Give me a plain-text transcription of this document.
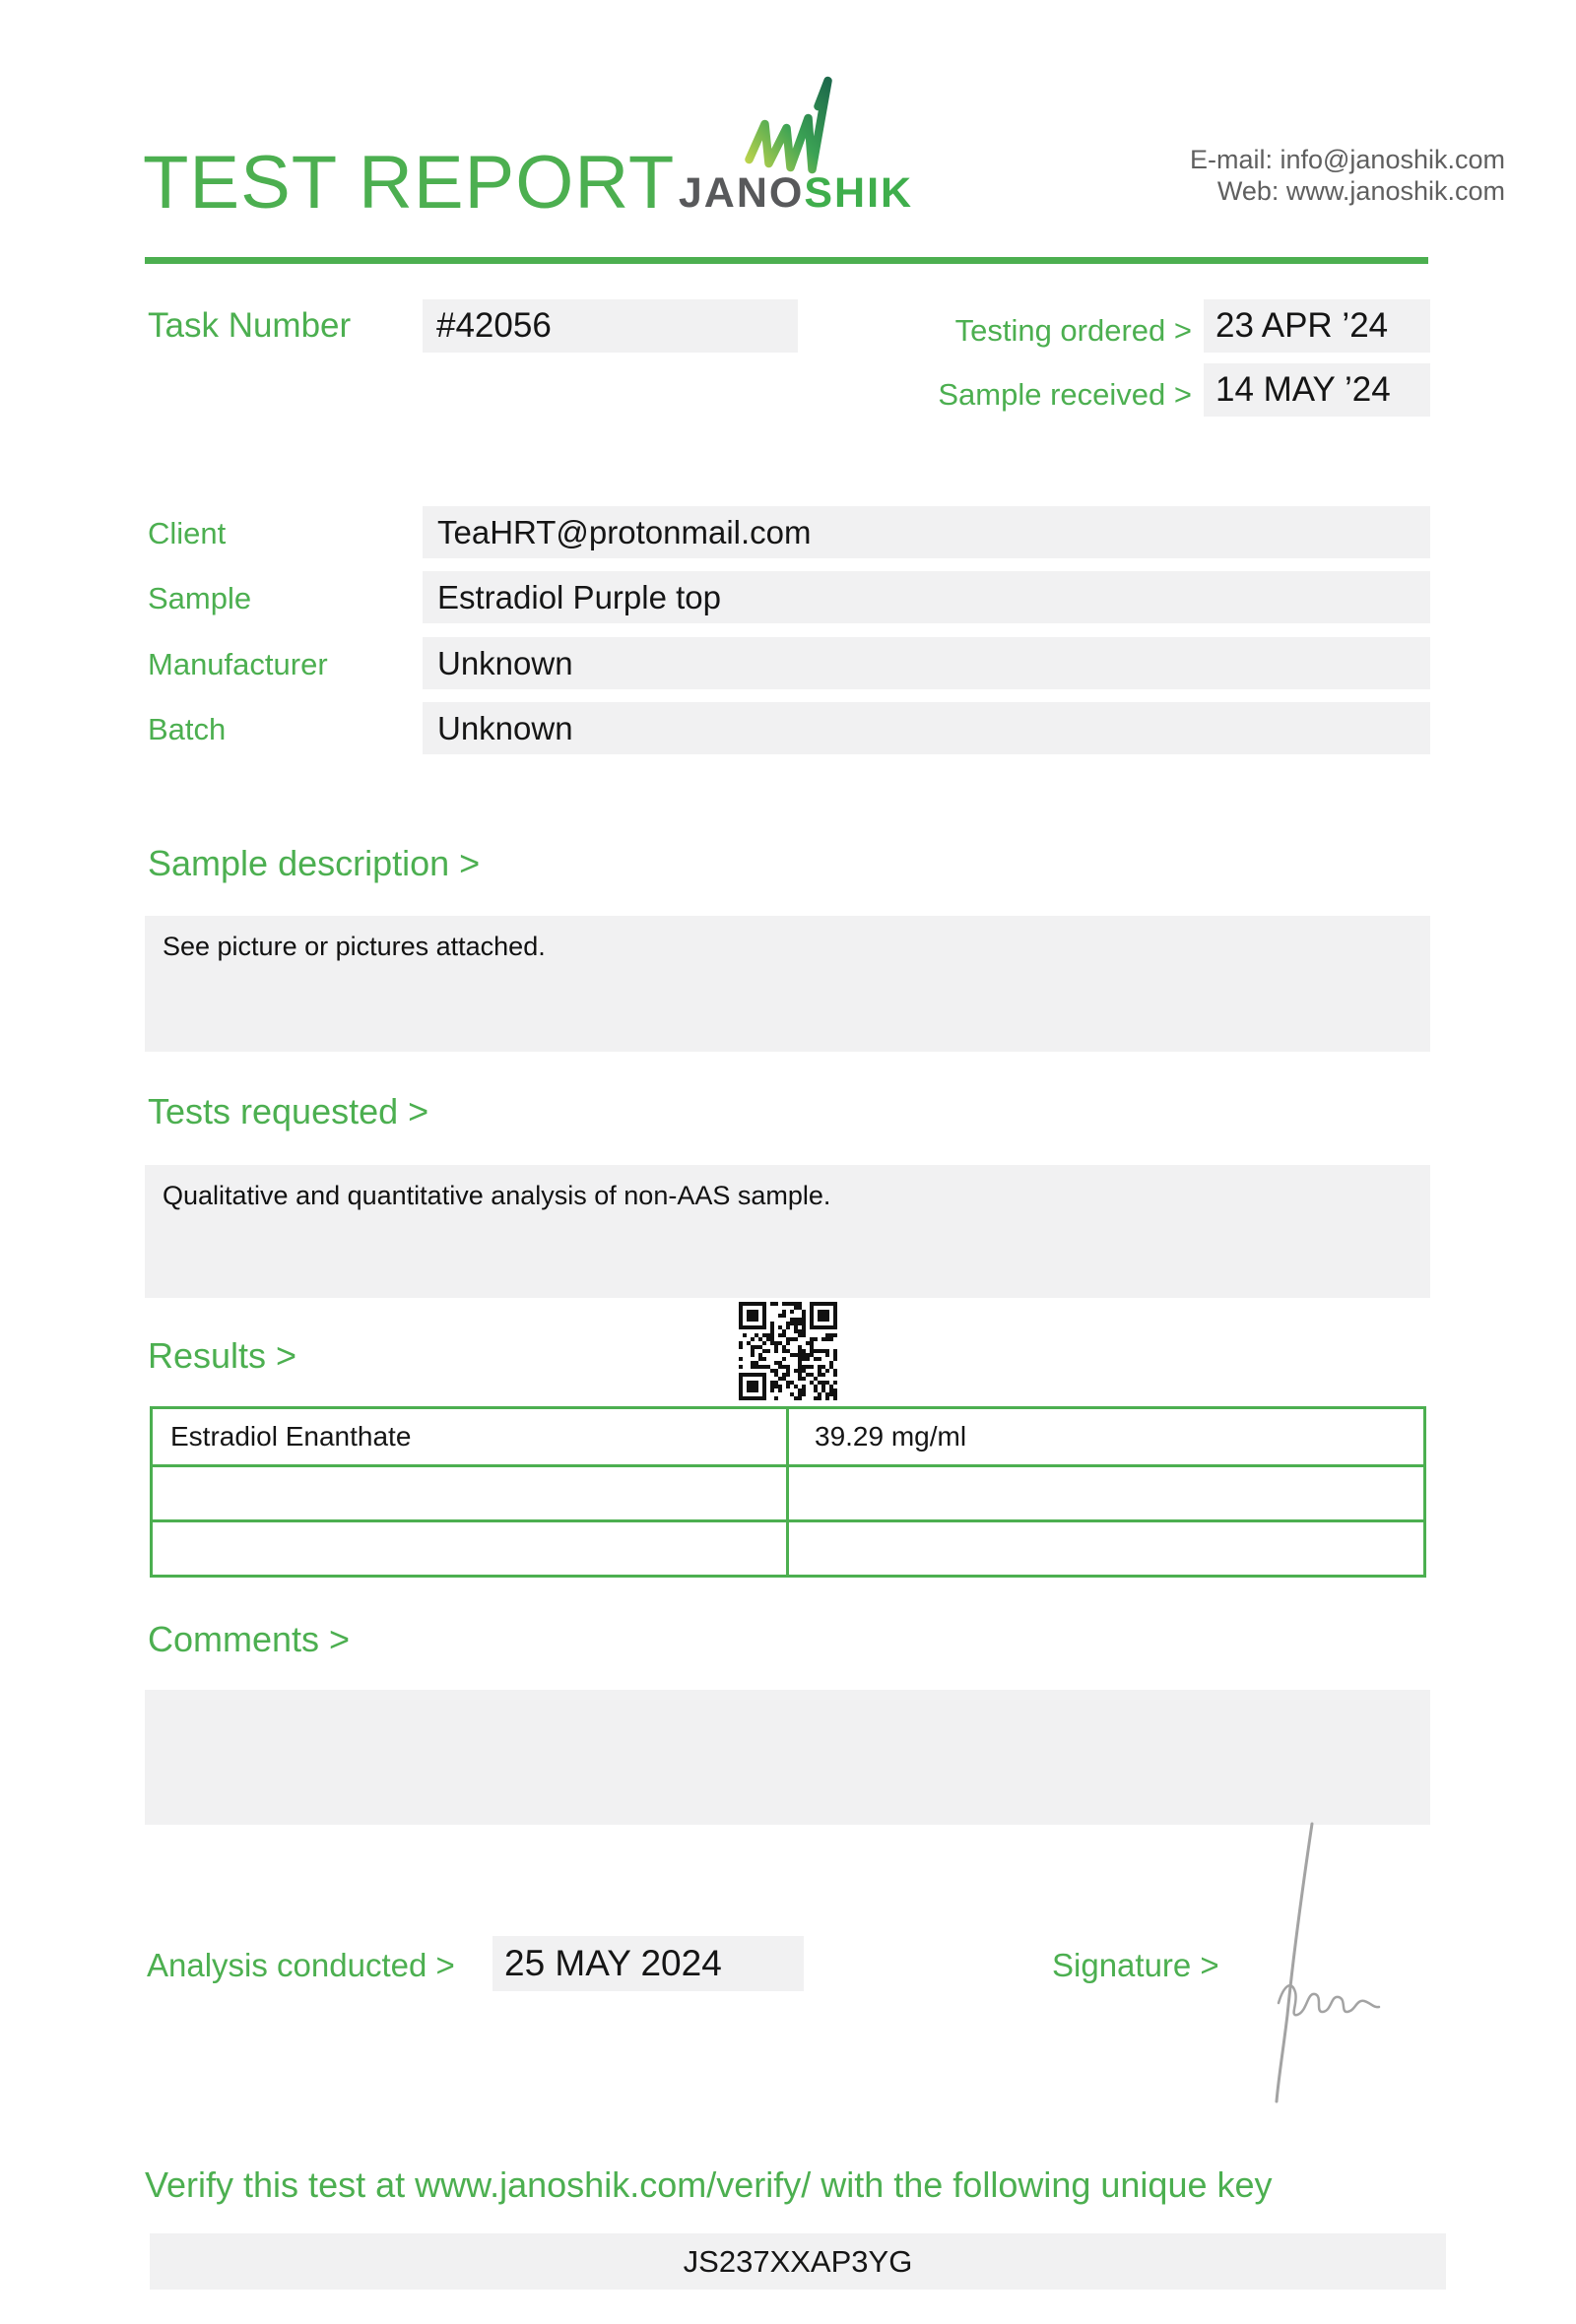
TEST REPORT JANOSHIK
E-mail: info@janoshik.com
Web: www.janoshik.com
Task Number	#42056	Testing ordered > 23 APR ’24
Sample received > 14 MAY ’24
Client	TeaHRT@protonmail.com
Sample	Estradiol Purple top
Manufacturer	Unknown
Batch	Unknown
Sample description >
See picture or pictures attached.
Tests requested >
Qualitative and quantitative analysis of non-AAS sample.
Results >
Estradiol Enanthate	39.29 mg/ml
Comments >
Analysis conducted >	25 MAY 2024	Signature >
Verify this test at www.janoshik.com/verify/ with the following unique key
JS237XXAP3YG
